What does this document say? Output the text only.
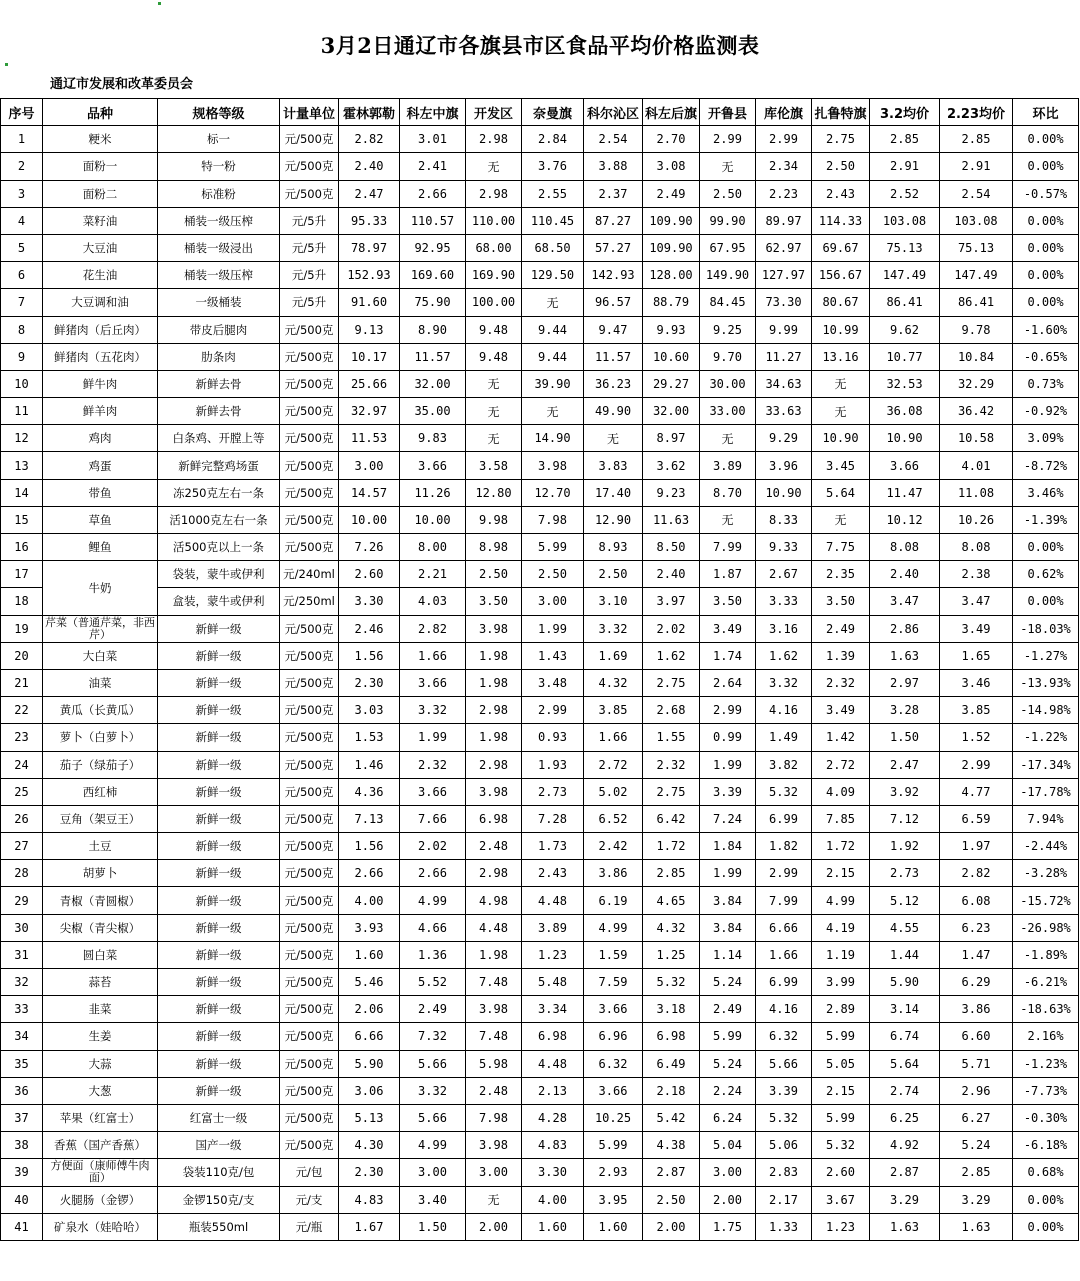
3月2日通辽市各旗县市区食品平均价格监测表
通辽市发展和改革委员会
序号	品种	规格等级	计量单位	霍林郭勒	科左中旗	开发区	奈曼旗	科尔沁区	科左后旗	开鲁县	库伦旗	扎鲁特旗	3.2均价	2.23均价	环比
1	粳米	标一	元/500克	2.82	3.01	2.98	2.84	2.54	2.70	2.99	2.99	2.75	2.85	2.85	0.00%
2	面粉一	特一粉	元/500克	2.40	2.41	无	3.76	3.88	3.08	无	2.34	2.50	2.91	2.91	0.00%
3	面粉二	标准粉	元/500克	2.47	2.66	2.98	2.55	2.37	2.49	2.50	2.23	2.43	2.52	2.54	-0.57%
4	菜籽油	桶装一级压榨	元/5升	95.33	110.57	110.00	110.45	87.27	109.90	99.90	89.97	114.33	103.08	103.08	0.00%
5	大豆油	桶装一级浸出	元/5升	78.97	92.95	68.00	68.50	57.27	109.90	67.95	62.97	69.67	75.13	75.13	0.00%
6	花生油	桶装一级压榨	元/5升	152.93	169.60	169.90	129.50	142.93	128.00	149.90	127.97	156.67	147.49	147.49	0.00%
7	大豆调和油	一级桶装	元/5升	91.60	75.90	100.00	无	96.57	88.79	84.45	73.30	80.67	86.41	86.41	0.00%
8	鲜猪肉（后丘肉）	带皮后腿肉	元/500克	9.13	8.90	9.48	9.44	9.47	9.93	9.25	9.99	10.99	9.62	9.78	-1.60%
9	鲜猪肉（五花肉）	肋条肉	元/500克	10.17	11.57	9.48	9.44	11.57	10.60	9.70	11.27	13.16	10.77	10.84	-0.65%
10	鲜牛肉	新鲜去骨	元/500克	25.66	32.00	无	39.90	36.23	29.27	30.00	34.63	无	32.53	32.29	0.73%
11	鲜羊肉	新鲜去骨	元/500克	32.97	35.00	无	无	49.90	32.00	33.00	33.63	无	36.08	36.42	-0.92%
12	鸡肉	白条鸡、开膛上等	元/500克	11.53	9.83	无	14.90	无	8.97	无	9.29	10.90	10.90	10.58	3.09%
13	鸡蛋	新鲜完整鸡场蛋	元/500克	3.00	3.66	3.58	3.98	3.83	3.62	3.89	3.96	3.45	3.66	4.01	-8.72%
14	带鱼	冻250克左右一条	元/500克	14.57	11.26	12.80	12.70	17.40	9.23	8.70	10.90	5.64	11.47	11.08	3.46%
15	草鱼	活1000克左右一条	元/500克	10.00	10.00	9.98	7.98	12.90	11.63	无	8.33	无	10.12	10.26	-1.39%
16	鲤鱼	活500克以上一条	元/500克	7.26	8.00	8.98	5.99	8.93	8.50	7.99	9.33	7.75	8.08	8.08	0.00%
17	牛奶	袋装，蒙牛或伊利	元/240ml	2.60	2.21	2.50	2.50	2.50	2.40	1.87	2.67	2.35	2.40	2.38	0.62%
18		盒装，蒙牛或伊利	元/250ml	3.30	4.03	3.50	3.00	3.10	3.97	3.50	3.33	3.50	3.47	3.47	0.00%
19	芹菜（普通芹菜，非西芹）	新鲜一级	元/500克	2.46	2.82	3.98	1.99	3.32	2.02	3.49	3.16	2.49	2.86	3.49	-18.03%
20	大白菜	新鲜一级	元/500克	1.56	1.66	1.98	1.43	1.69	1.62	1.74	1.62	1.39	1.63	1.65	-1.27%
21	油菜	新鲜一级	元/500克	2.30	3.66	1.98	3.48	4.32	2.75	2.64	3.32	2.32	2.97	3.46	-13.93%
22	黄瓜（长黄瓜）	新鲜一级	元/500克	3.03	3.32	2.98	2.99	3.85	2.68	2.99	4.16	3.49	3.28	3.85	-14.98%
23	萝卜（白萝卜）	新鲜一级	元/500克	1.53	1.99	1.98	0.93	1.66	1.55	0.99	1.49	1.42	1.50	1.52	-1.22%
24	茄子（绿茄子）	新鲜一级	元/500克	1.46	2.32	2.98	1.93	2.72	2.32	1.99	3.82	2.72	2.47	2.99	-17.34%
25	西红柿	新鲜一级	元/500克	4.36	3.66	3.98	2.73	5.02	2.75	3.39	5.32	4.09	3.92	4.77	-17.78%
26	豆角（架豆王）	新鲜一级	元/500克	7.13	7.66	6.98	7.28	6.52	6.42	7.24	6.99	7.85	7.12	6.59	7.94%
27	土豆	新鲜一级	元/500克	1.56	2.02	2.48	1.73	2.42	1.72	1.84	1.82	1.72	1.92	1.97	-2.44%
28	胡萝卜	新鲜一级	元/500克	2.66	2.66	2.98	2.43	3.86	2.85	1.99	2.99	2.15	2.73	2.82	-3.28%
29	青椒（青圆椒）	新鲜一级	元/500克	4.00	4.99	4.98	4.48	6.19	4.65	3.84	7.99	4.99	5.12	6.08	-15.72%
30	尖椒（青尖椒）	新鲜一级	元/500克	3.93	4.66	4.48	3.89	4.99	4.32	3.84	6.66	4.19	4.55	6.23	-26.98%
31	圆白菜	新鲜一级	元/500克	1.60	1.36	1.98	1.23	1.59	1.25	1.14	1.66	1.19	1.44	1.47	-1.89%
32	蒜苔	新鲜一级	元/500克	5.46	5.52	7.48	5.48	7.59	5.32	5.24	6.99	3.99	5.90	6.29	-6.21%
33	韭菜	新鲜一级	元/500克	2.06	2.49	3.98	3.34	3.66	3.18	2.49	4.16	2.89	3.14	3.86	-18.63%
34	生姜	新鲜一级	元/500克	6.66	7.32	7.48	6.98	6.96	6.98	5.99	6.32	5.99	6.74	6.60	2.16%
35	大蒜	新鲜一级	元/500克	5.90	5.66	5.98	4.48	6.32	6.49	5.24	5.66	5.05	5.64	5.71	-1.23%
36	大葱	新鲜一级	元/500克	3.06	3.32	2.48	2.13	3.66	2.18	2.24	3.39	2.15	2.74	2.96	-7.73%
37	苹果（红富士）	红富士一级	元/500克	5.13	5.66	7.98	4.28	10.25	5.42	6.24	5.32	5.99	6.25	6.27	-0.30%
38	香蕉（国产香蕉）	国产一级	元/500克	4.30	4.99	3.98	4.83	5.99	4.38	5.04	5.06	5.32	4.92	5.24	-6.18%
39	方便面（康师傅牛肉面）	袋装110克/包	元/包	2.30	3.00	3.00	3.30	2.93	2.87	3.00	2.83	2.60	2.87	2.85	0.68%
40	火腿肠（金锣）	金锣150克/支	元/支	4.83	3.40	无	4.00	3.95	2.50	2.00	2.17	3.67	3.29	3.29	0.00%
41	矿泉水（娃哈哈）	瓶装550ml	元/瓶	1.67	1.50	2.00	1.60	1.60	2.00	1.75	1.33	1.23	1.63	1.63	0.00%
